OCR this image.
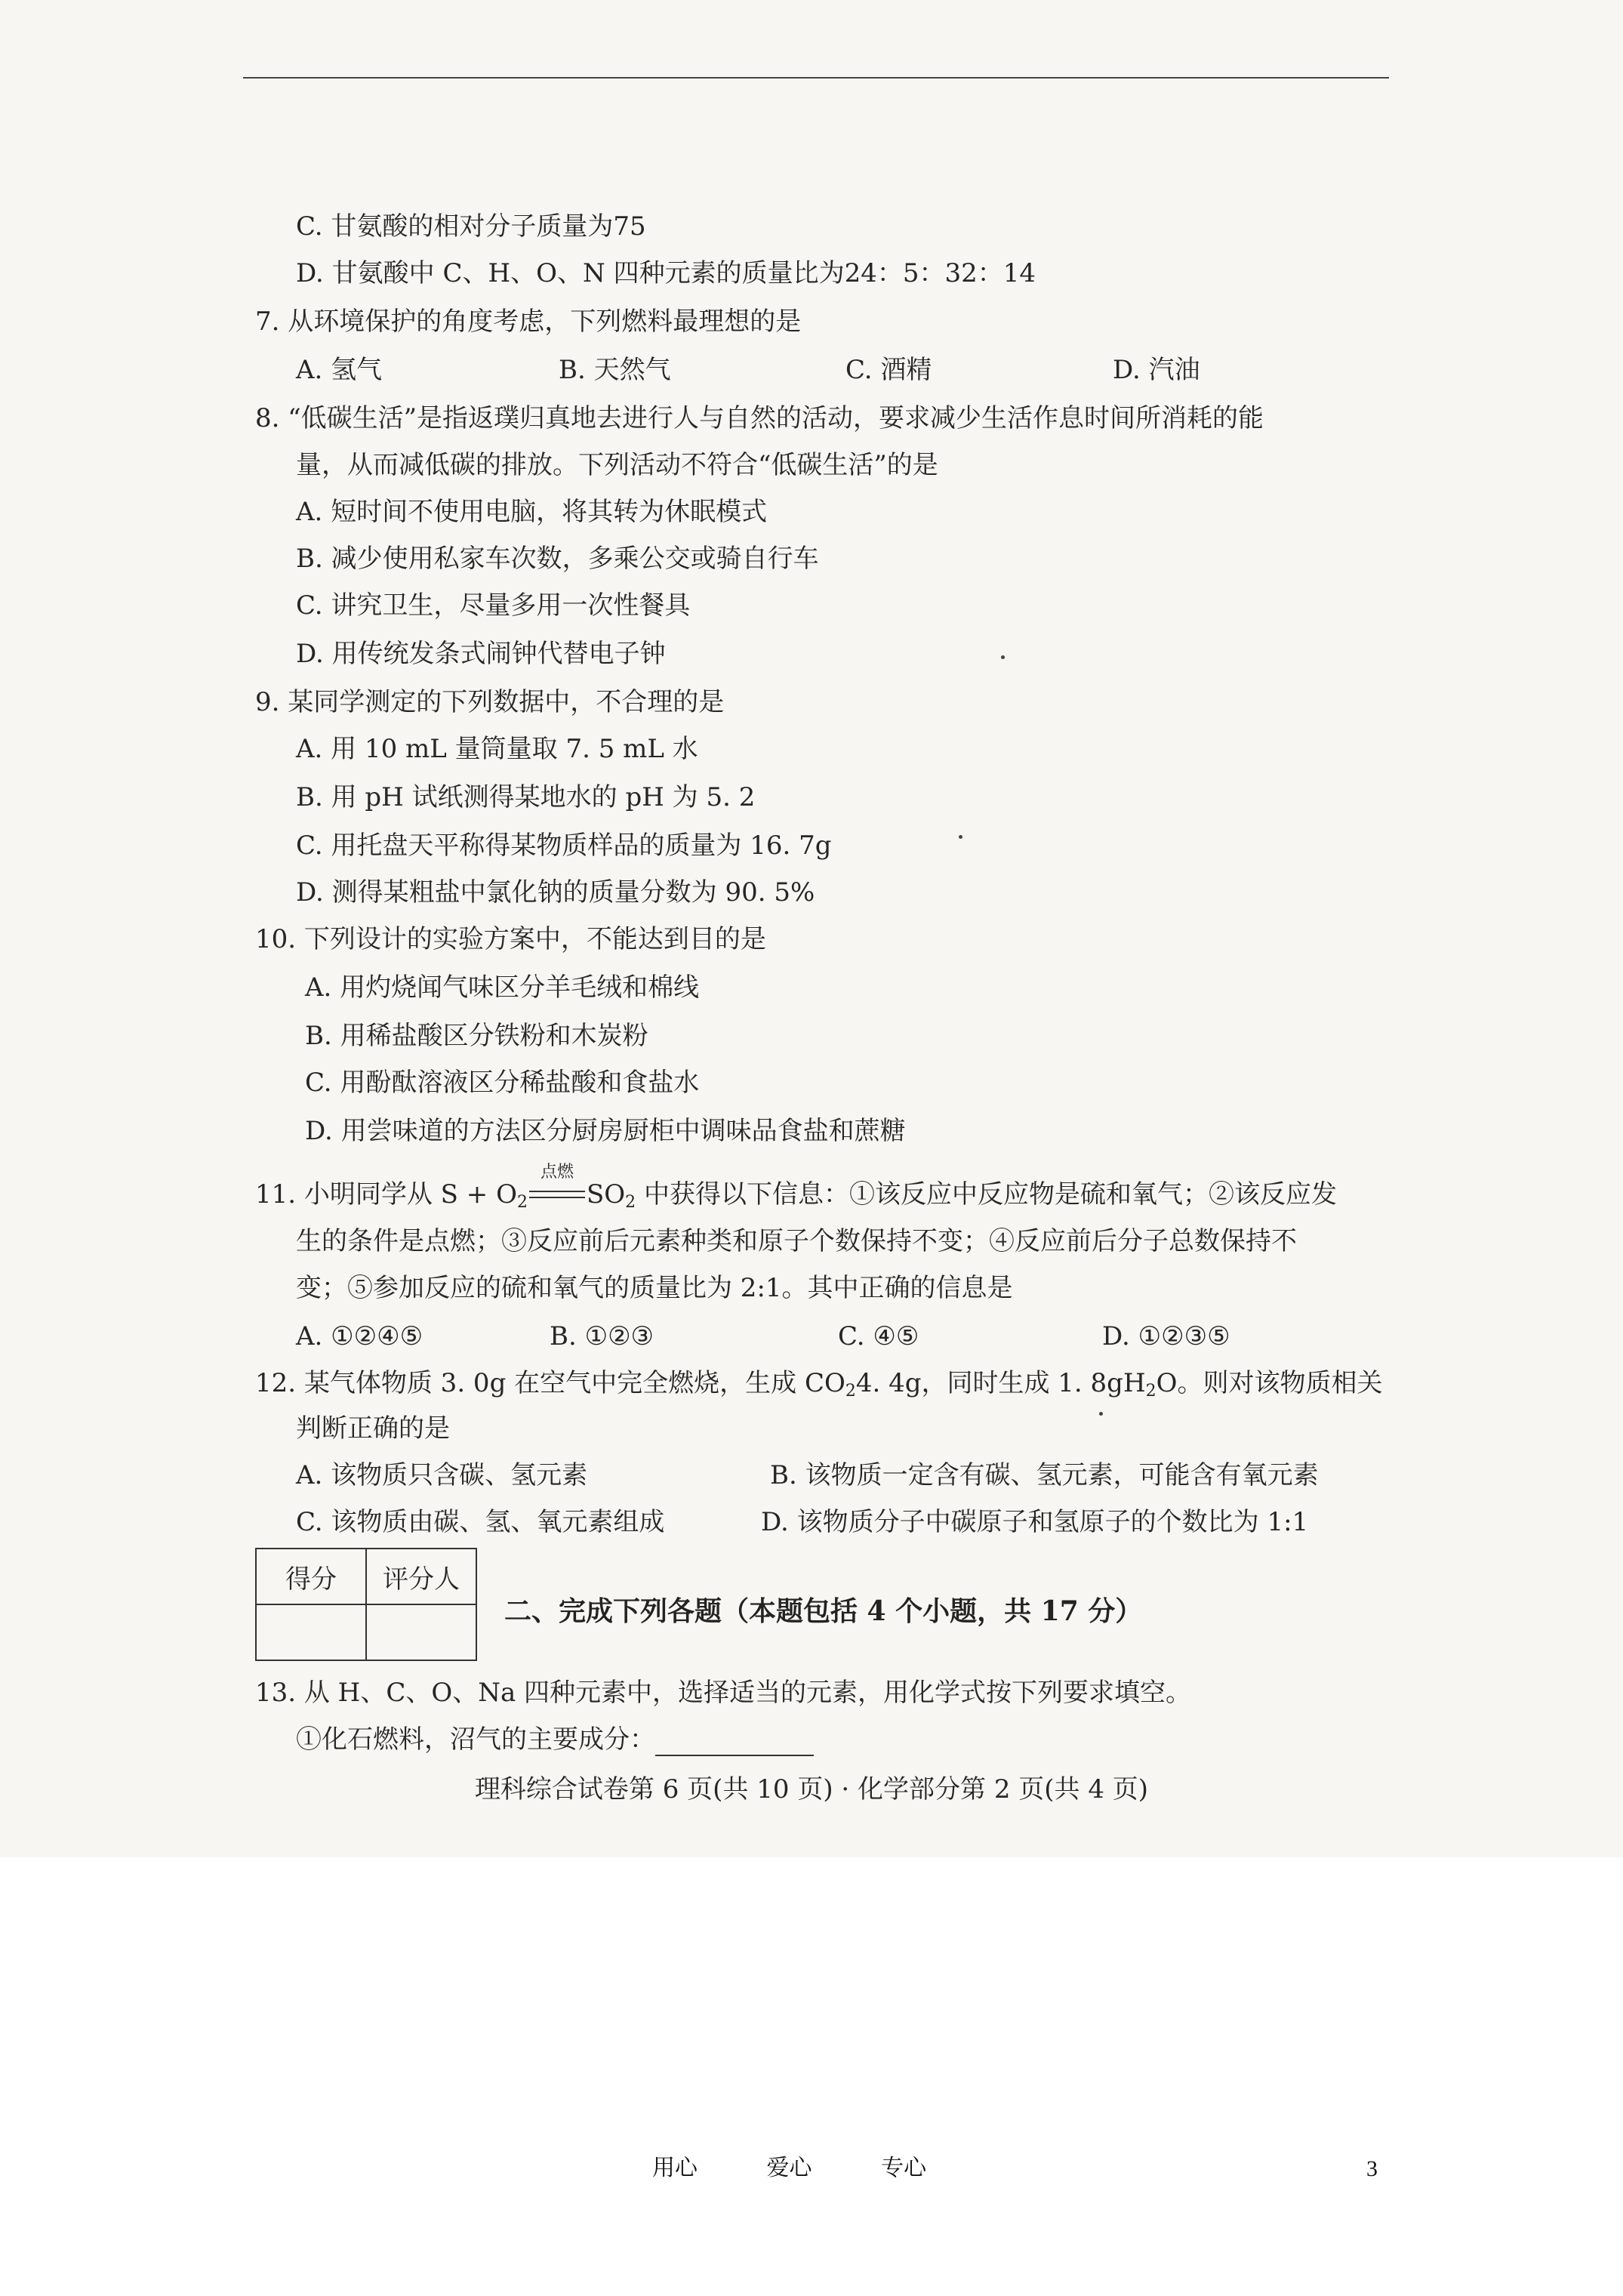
C. 甘氨酸的相对分子质量为75
D. 甘氨酸中 C、H、O、N 四种元素的质量比为24：5：32：14
7. 从环境保护的角度考虑，下列燃料最理想的是
A. 氢气	B. 天然气	C. 酒精	D. 汽油
8. “低碳生活”是指返璞归真地去进行人与自然的活动，要求减少生活作息时间所消耗的能
量，从而减低碳的排放。下列活动不符合“低碳生活”的是
A. 短时间不使用电脑，将其转为休眠模式
B. 减少使用私家车次数，多乘公交或骑自行车
C. 讲究卫生，尽量多用一次性餐具
D. 用传统发条式闹钟代替电子钟
9. 某同学测定的下列数据中，不合理的是
A. 用 10 mL 量筒量取 7. 5 mL 水
B. 用 pH 试纸测得某地水的 pH 为 5. 2
C. 用托盘天平称得某物质样品的质量为 16. 7g
D. 测得某粗盐中氯化钠的质量分数为 90. 5%
10. 下列设计的实验方案中，不能达到目的是
A. 用灼烧闻气味区分羊毛绒和棉线
B. 用稀盐酸区分铁粉和木炭粉
C. 用酚酞溶液区分稀盐酸和食盐水
D. 用尝味道的方法区分厨房厨柜中调味品食盐和蔗糖
11. 小明同学从 $S + O_2$
点燃
$SO_2$ 中获得以下信息：①该反应中反应物是硫和氧气；②该反应发
生的条件是点燃；③反应前后元素种类和原子个数保持不变；④反应前后分子总数保持不
变；⑤参加反应的硫和氧气的质量比为 2:1。其中正确的信息是
A. ①②④⑤	B. ①②③	C. ④⑤	D. ①②③⑤
12. 某气体物质 3. 0g 在空气中完全燃烧，生成 $CO_24$. 4g，同时生成 1. $8gH_2O$。则对该物质相关
判断正确的是
A. 该物质只含碳、氢元素	B. 该物质一定含有碳、氢元素，可能含有氧元素
C. 该物质由碳、氢、氧元素组成	D. 该物质分子中碳原子和氢原子的个数比为 1:1
得分	评分人

二、完成下列各题（本题包括 4 个小题，共 17 分）
13. 从 H、C、O、Na 四种元素中，选择适当的元素，用化学式按下列要求填空。
①化石燃料，沼气的主要成分：
理科综合试卷第 6 页(共 10 页) · 化学部分第 2 页(共 4 页)
用心	爱心	专心	3
